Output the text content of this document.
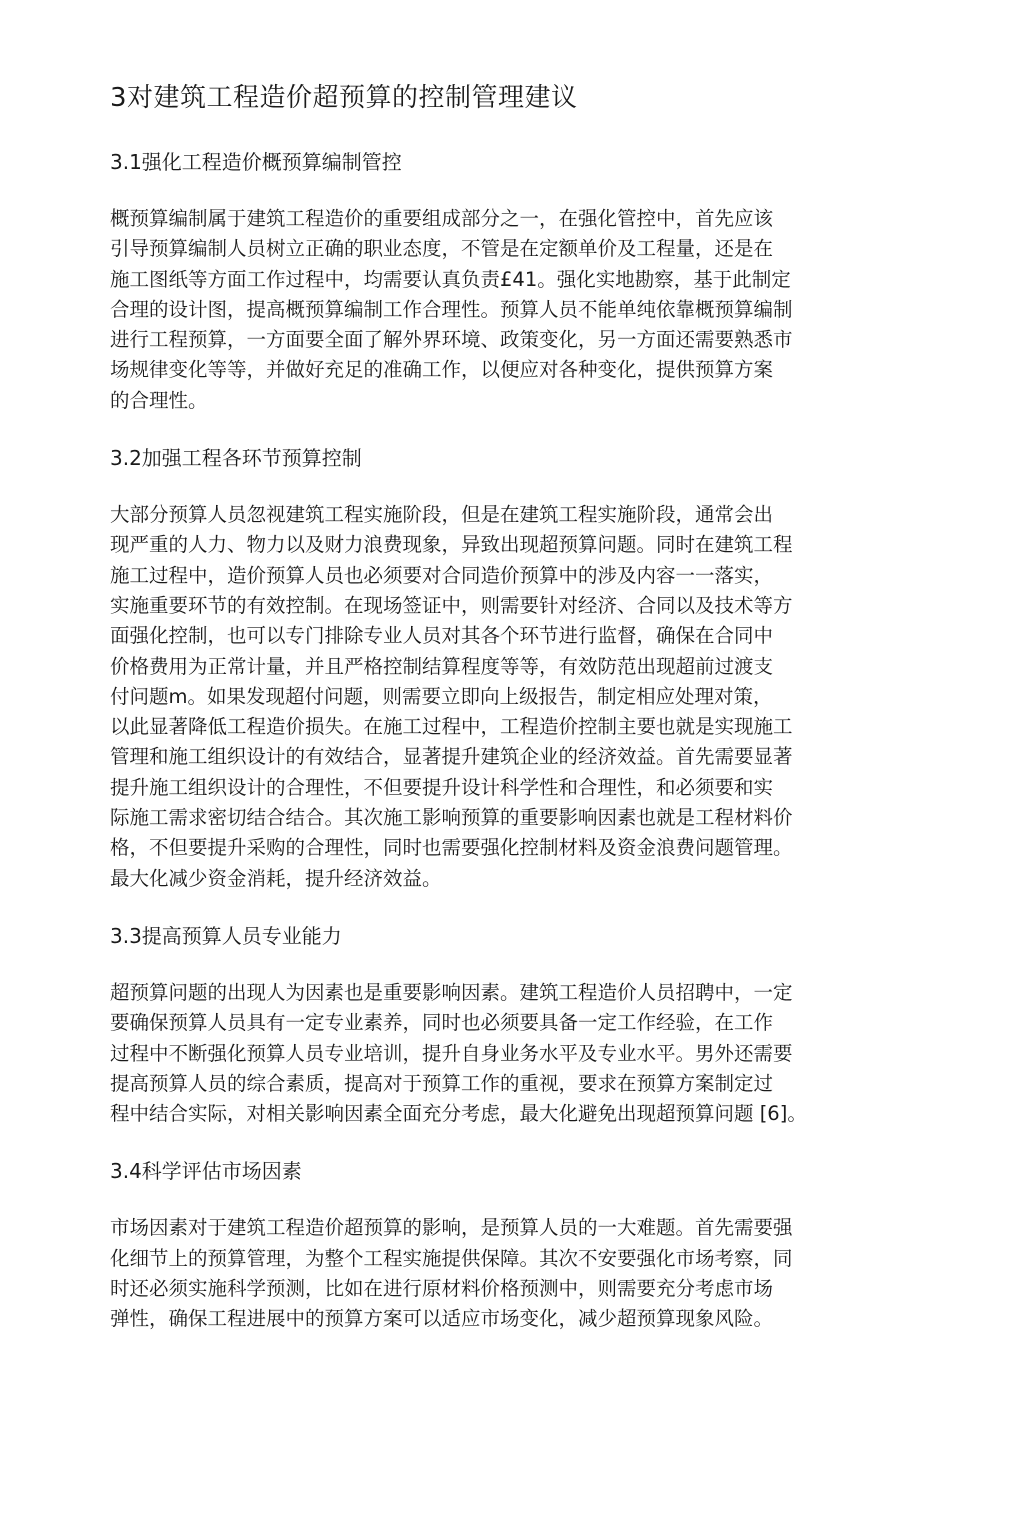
3对建筑工程造价超预算的控制管理建议
3.1强化工程造价概预算编制管控

概预算编制属于建筑工程造价的重要组成部分之一，在强化管控中，首先应该
引导预算编制人员树立正确的职业态度，不管是在定额单价及工程量，还是在
施工图纸等方面工作过程中，均需要认真负责£41。强化实地勘察，基于此制定
合理的设计图，提高概预算编制工作合理性。预算人员不能单纯依靠概预算编制
进行工程预算，一方面要全面了解外界环境、政策变化，另一方面还需要熟悉市
场规律变化等等，并做好充足的准确工作，以便应对各种变化，提供预算方案
的合理性。

3.2加强工程各环节预算控制

大部分预算人员忽视建筑工程实施阶段，但是在建筑工程实施阶段，通常会出
现严重的人力、物力以及财力浪费现象，异致出现超预算问题。同时在建筑工程
施工过程中，造价预算人员也必须要对合同造价预算中的涉及内容一一落实，
实施重要环节的有效控制。在现场签证中，则需要针对经济、合同以及技术等方
面强化控制，也可以专门排除专业人员对其各个环节进行监督，确保在合同中
价格费用为正常计量，并且严格控制结算程度等等，有效防范出现超前过渡支
付问题m。如果发现超付问题，则需要立即向上级报告，制定相应处理对策，
以此显著降低工程造价损失。在施工过程中，工程造价控制主要也就是实现施工
管理和施工组织设计的有效结合，显著提升建筑企业的经济效益。首先需要显著
提升施工组织设计的合理性，不但要提升设计科学性和合理性，和必须要和实
际施工需求密切结合结合。其次施工影响预算的重要影响因素也就是工程材料价
格，不但要提升采购的合理性，同时也需要强化控制材料及资金浪费问题管理。
最大化减少资金消耗，提升经济效益。

3.3提高预算人员专业能力

超预算问题的出现人为因素也是重要影响因素。建筑工程造价人员招聘中，一定
要确保预算人员具有一定专业素养，同时也必须要具备一定工作经验，在工作
过程中不断强化预算人员专业培训，提升自身业务水平及专业水平。男外还需要
提高预算人员的综合素质，提高对于预算工作的重视，要求在预算方案制定过
程中结合实际，对相关影响因素全面充分考虑，最大化避免出现超预算问题 [6]。

3.4科学评估市场因素

市场因素对于建筑工程造价超预算的影响，是预算人员的一大难题。首先需要强
化细节上的预算管理，为整个工程实施提供保障。其次不安要强化市场考察，同
时还必须实施科学预测，比如在进行原材料价格预测中，则需要充分考虑市场
弹性，确保工程进展中的预算方案可以适应市场变化，减少超预算现象风险。
